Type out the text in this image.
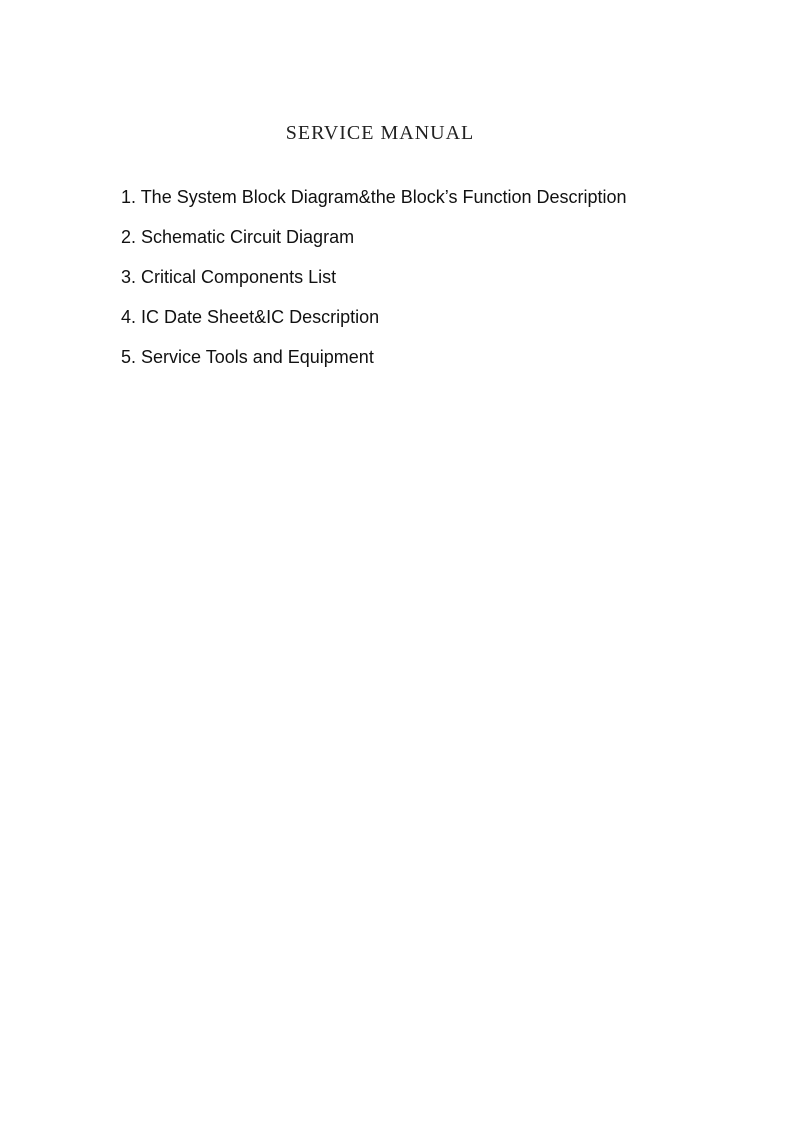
SERVICE MANUAL
1. The System Block Diagram&the Block’s Function Description
2. Schematic Circuit Diagram
3. Critical Components List
4. IC Date Sheet&IC Description
5. Service Tools and Equipment
